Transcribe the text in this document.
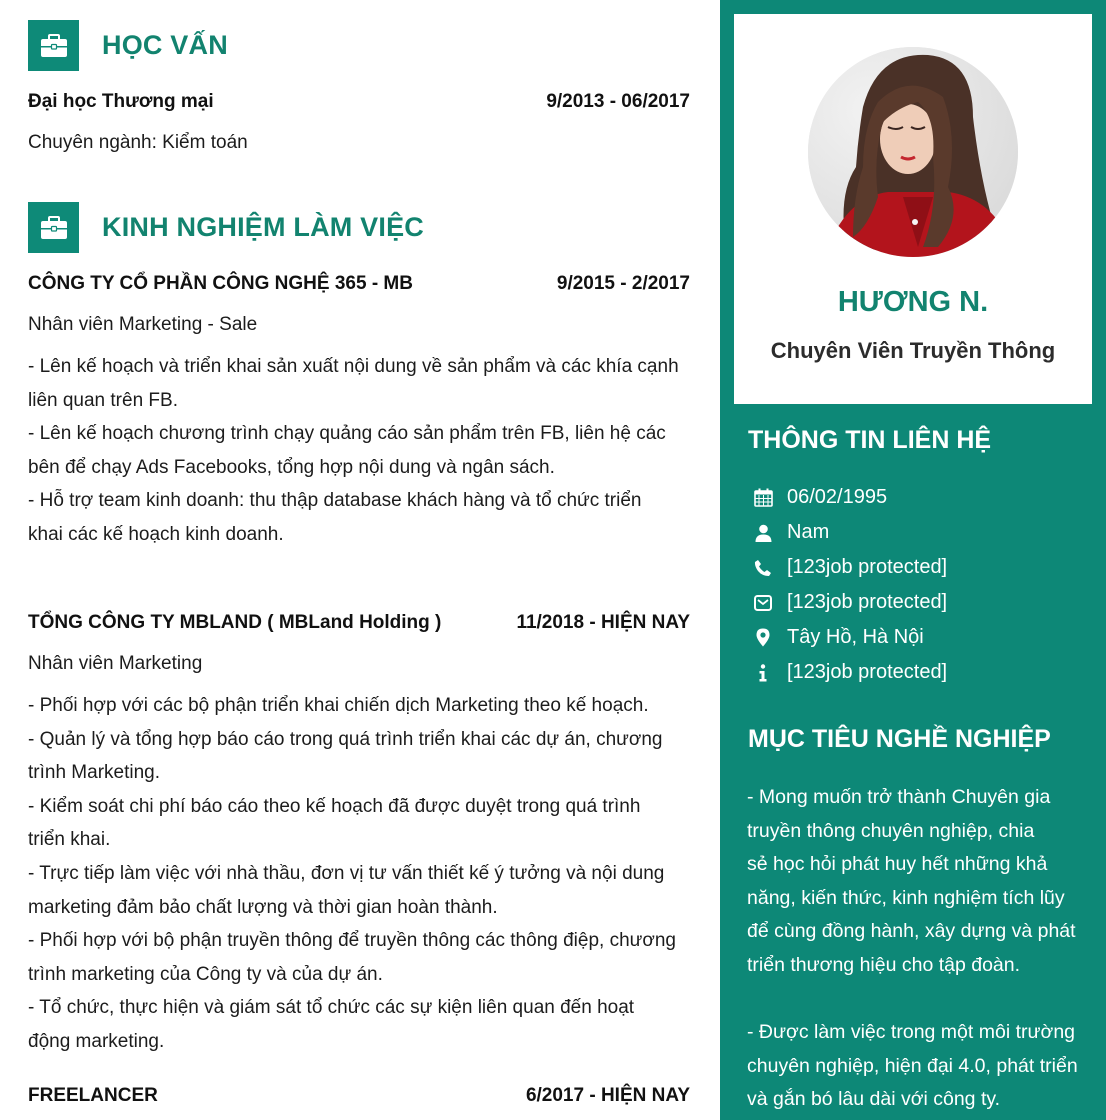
HỌC VẤN
Đại học Thương mại	9/2013 - 06/2017
Chuyên ngành: Kiểm toán
KINH NGHIỆM LÀM VIỆC
CÔNG TY CỔ PHẦN CÔNG NGHỆ 365 - MB	9/2015 - 2/2017
Nhân viên Marketing - Sale
- Lên kế hoạch và triển khai sản xuất nội dung về sản phẩm và các khía cạnh
liên quan trên FB.
- Lên kế hoạch chương trình chạy quảng cáo sản phẩm trên FB, liên hệ các
bên để chạy Ads Facebooks, tổng hợp nội dung và ngân sách.
- Hỗ trợ team kinh doanh: thu thập database khách hàng và tổ chức triển
khai các kế hoạch kinh doanh.
TỔNG CÔNG TY MBLAND ( MBLand Holding )	11/2018 - HIỆN NAY
Nhân viên Marketing
- Phối hợp với các bộ phận triển khai chiến dịch Marketing theo kế hoạch.
- Quản lý và tổng hợp báo cáo trong quá trình triển khai các dự án, chương
trình Marketing.
- Kiểm soát chi phí báo cáo theo kế hoạch đã được duyệt trong quá trình
triển khai.
- Trực tiếp làm việc với nhà thầu, đơn vị tư vấn thiết kế ý tưởng và nội dung
marketing đảm bảo chất lượng và thời gian hoàn thành.
- Phối hợp với bộ phận truyền thông để truyền thông các thông điệp, chương
trình marketing của Công ty và của dự án.
- Tổ chức, thực hiện và giám sát tổ chức các sự kiện liên quan đến hoạt
động marketing.
FREELANCER	6/2017 - HIỆN NAY
HƯƠNG N.
Chuyên Viên Truyền Thông
THÔNG TIN LIÊN HỆ
06/02/1995
Nam
[123job protected]
[123job protected]
Tây Hồ, Hà Nội
[123job protected]
MỤC TIÊU NGHỀ NGHIỆP

- Mong muốn trở thành Chuyên gia

truyền thông chuyên nghiệp, chia

sẻ học hỏi phát huy hết những khả

năng, kiến thức, kinh nghiệm tích lũy

để cùng đồng hành, xây dựng và phát

triển thương hiệu cho tập đoàn.

- Được làm việc trong một môi trường

chuyên nghiệp, hiện đại 4.0, phát triển

và gắn bó lâu dài với công ty.
